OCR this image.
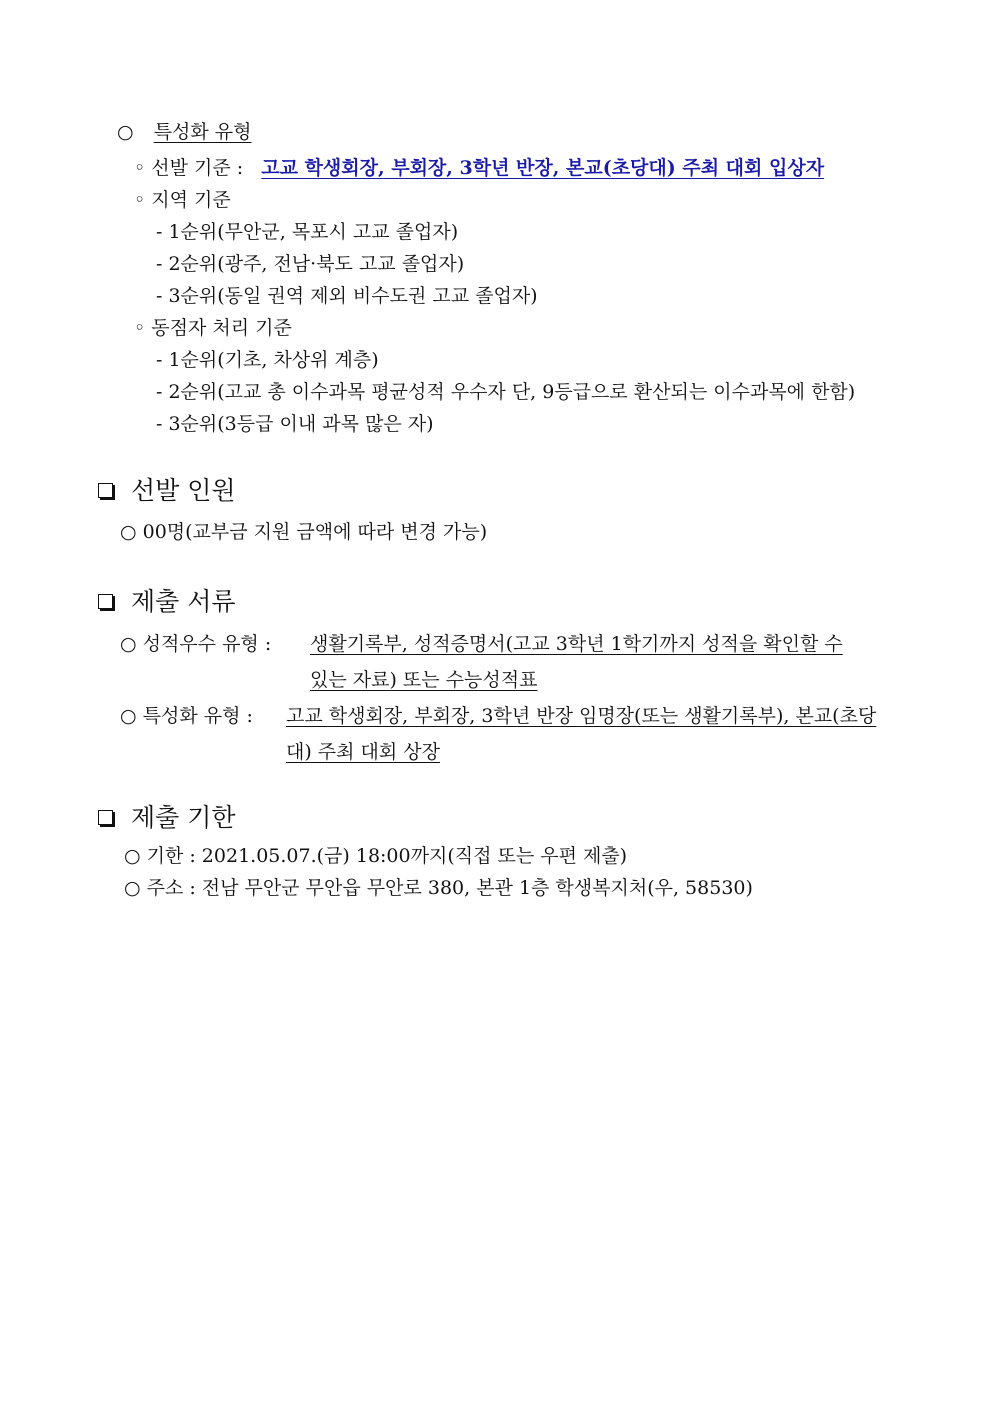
○ 특성화 유형
◦ 선발 기준 : 고교 학생회장, 부회장, 3학년 반장, 본교(초당대) 주최 대회 입상자
◦ 지역 기준
- 1순위(무안군, 목포시 고교 졸업자)
- 2순위(광주, 전남·북도 고교 졸업자)
- 3순위(동일 권역 제외 비수도권 고교 졸업자)
◦ 동점자 처리 기준
- 1순위(기초, 차상위 계층)
- 2순위(고교 총 이수과목 평균성적 우수자 단, 9등급으로 환산되는 이수과목에 한함)
- 3순위(3등급 이내 과목 많은 자)
선발 인원
○ 00명(교부금 지원 금액에 따라 변경 가능)
제출 서류
○ 성적우수 유형 : 생활기록부, 성적증명서(고교 3학년 1학기까지 성적을 확인할 수
있는 자료) 또는 수능성적표
○ 특성화 유형 : 고교 학생회장, 부회장, 3학년 반장 임명장(또는 생활기록부), 본교(초당
대) 주최 대회 상장
제출 기한
○ 기한 : 2021.05.07.(금) 18:00까지(직접 또는 우편 제출)
○ 주소 : 전남 무안군 무안읍 무안로 380, 본관 1층 학생복지처(우, 58530)
